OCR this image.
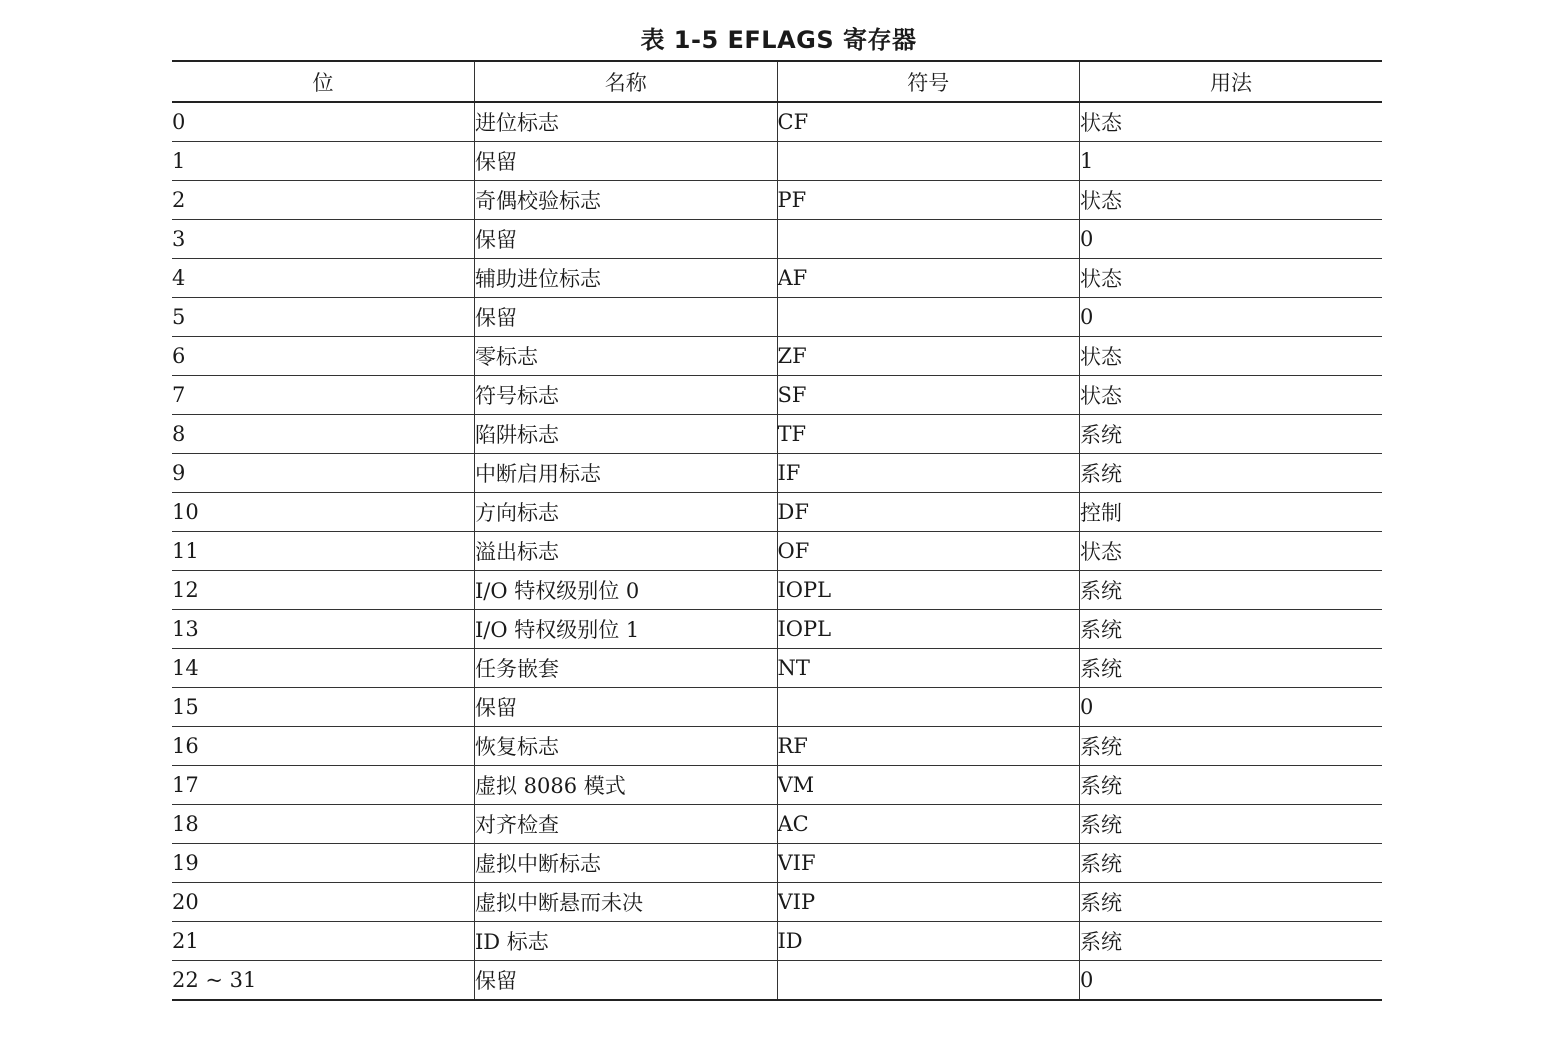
表 1-5 EFLAGS 寄存器
位	名称	符号	用法
0	进位标志	CF	状态
1	保留		1
2	奇偶校验标志	PF	状态
3	保留		0
4	辅助进位标志	AF	状态
5	保留		0
6	零标志	ZF	状态
7	符号标志	SF	状态
8	陷阱标志	TF	系统
9	中断启用标志	IF	系统
10	方向标志	DF	控制
11	溢出标志	OF	状态
12	I/O 特权级别位 0	IOPL	系统
13	I/O 特权级别位 1	IOPL	系统
14	任务嵌套	NT	系统
15	保留		0
16	恢复标志	RF	系统
17	虚拟 8086 模式	VM	系统
18	对齐检查	AC	系统
19	虚拟中断标志	VIF	系统
20	虚拟中断悬而未决	VIP	系统
21	ID 标志	ID	系统
22 ~ 31	保留		0
